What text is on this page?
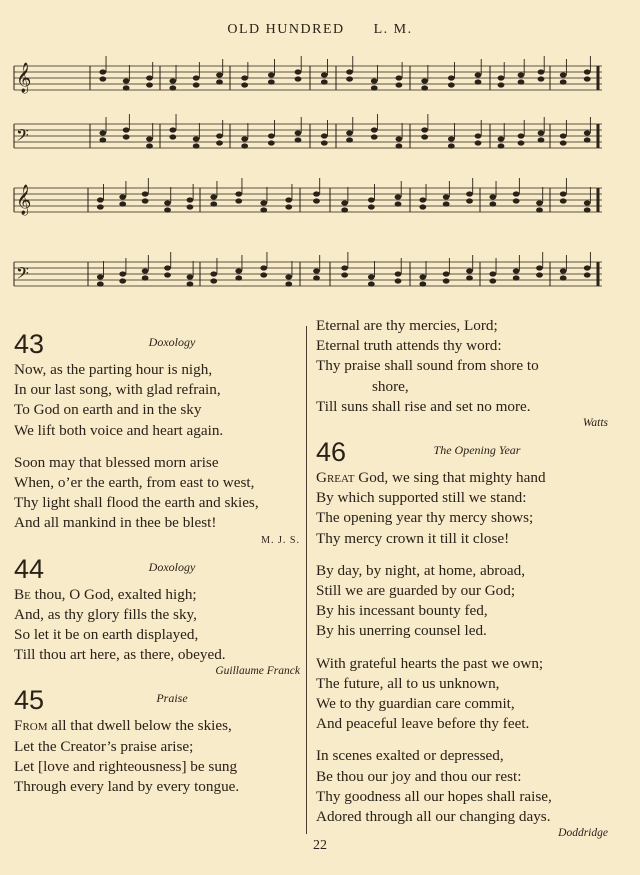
OLD HUNDRED L. M.
𝄞
𝄢
𝄞
𝄢
43	Doxology
Now, as the parting hour is nigh,
In our last song, with glad refrain,
To God on earth and in the sky
We lift both voice and heart again.
Soon may that blessed morn arise
When, o’er the earth, from east to west,
Thy light shall flood the earth and skies,
And all mankind in thee be blest!
M. J. S.
44	Doxology
Be thou, O God, exalted high;
And, as thy glory fills the sky,
So let it be on earth displayed,
Till thou art here, as there, obeyed.
Guillaume Franck
45	Praise
From all that dwell below the skies,
Let the Creator’s praise arise;
Let [love and righteousness] be sung
Through every land by every tongue.
Eternal are thy mercies, Lord;
Eternal truth attends thy word:
Thy praise shall sound from shore to
shore,
Till suns shall rise and set no more.
Watts
46	The Opening Year
Great God, we sing that mighty hand
By which supported still we stand:
The opening year thy mercy shows;
Thy mercy crown it till it close!
By day, by night, at home, abroad,
Still we are guarded by our God;
By his incessant bounty fed,
By his unerring counsel led.
With grateful hearts the past we own;
The future, all to us unknown,
We to thy guardian care commit,
And peaceful leave before thy feet.
In scenes exalted or depressed,
Be thou our joy and thou our rest:
Thy goodness all our hopes shall raise,
Adored through all our changing days.
Doddridge
22
